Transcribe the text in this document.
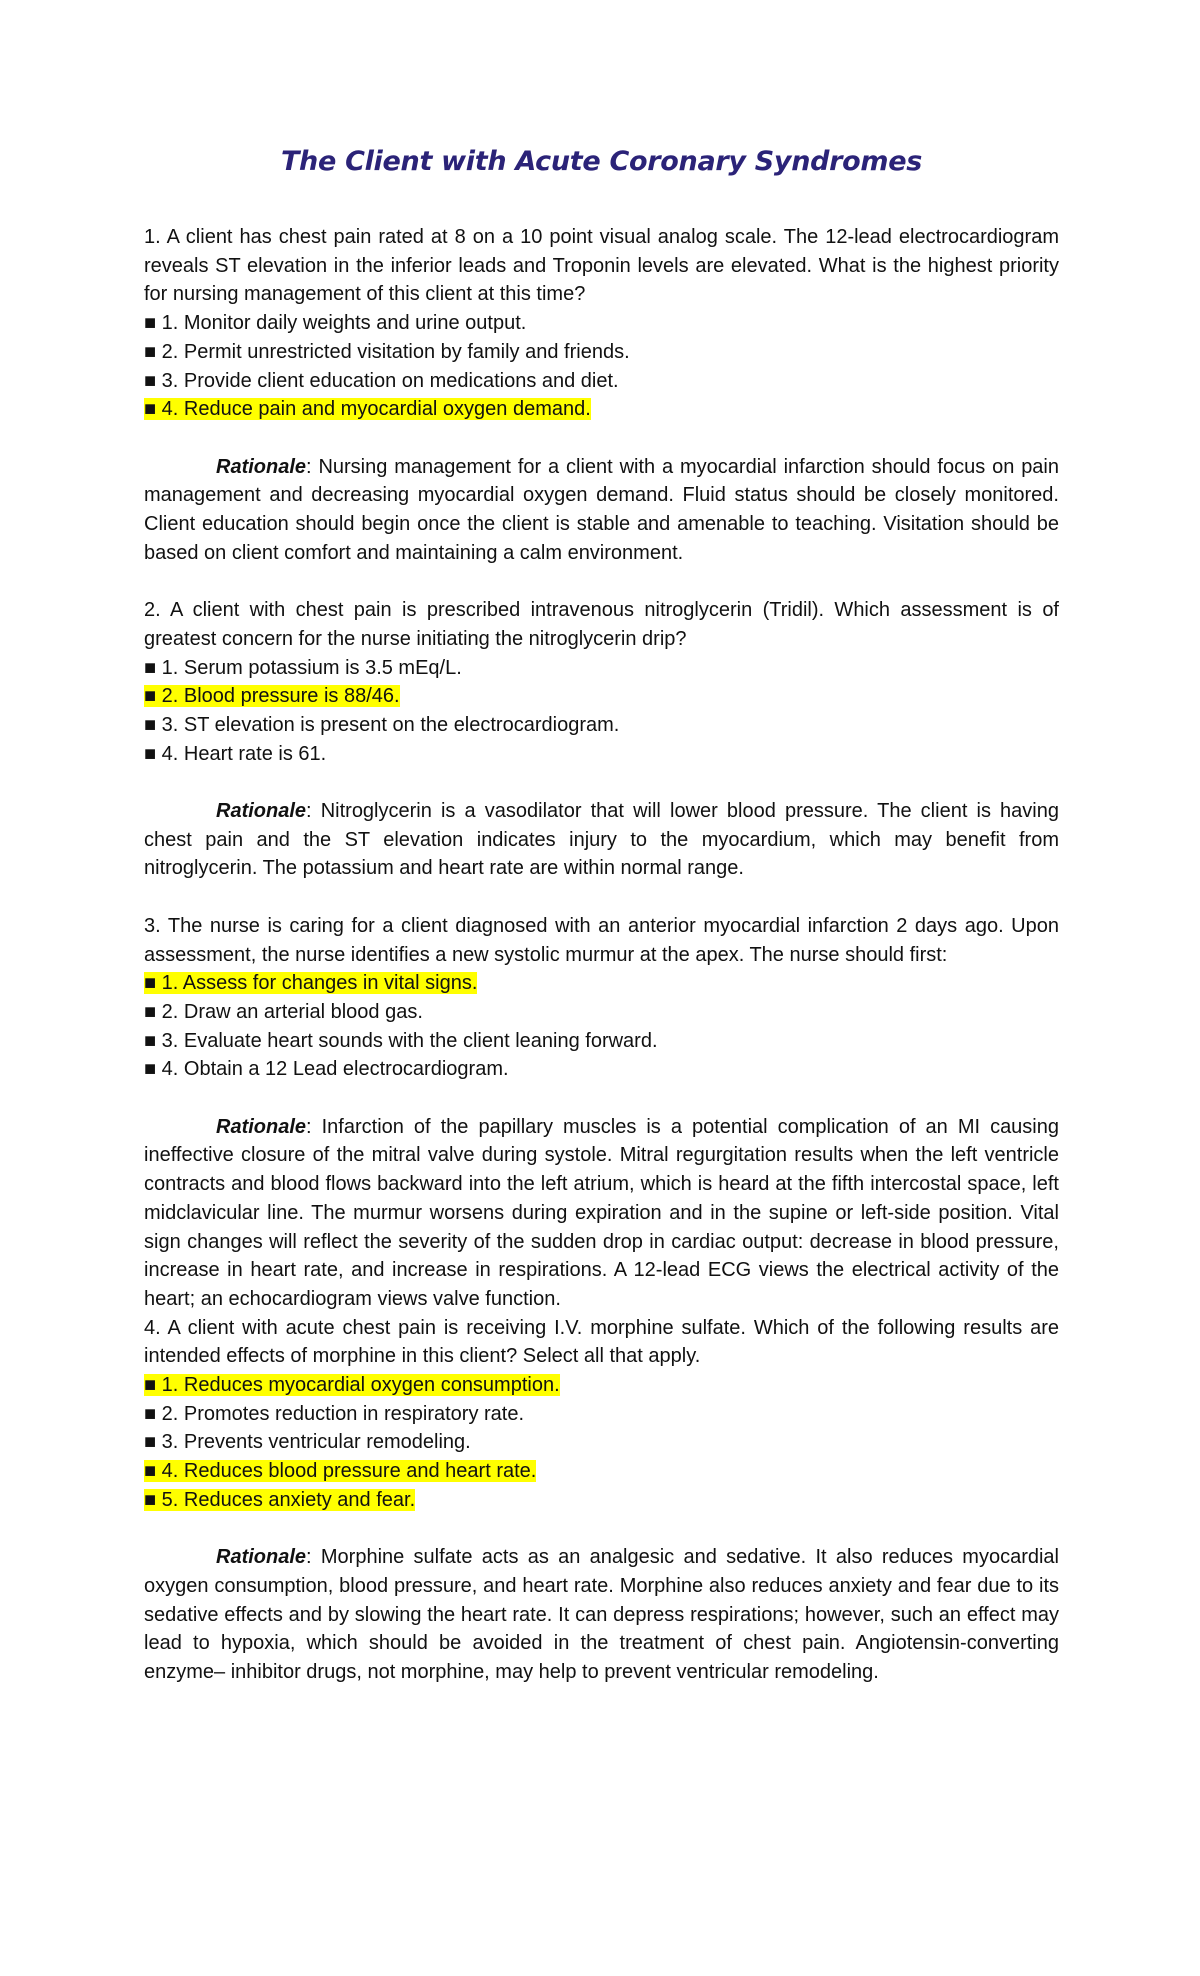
The Client with Acute Coronary Syndromes

1. A client has chest pain rated at 8 on a 10 point visual analog scale. The 12-lead electrocardiogram reveals ST elevation in the inferior leads and Troponin levels are elevated. What is the highest priority for nursing management of this client at this time?

■ 1. Monitor daily weights and urine output.

■ 2. Permit unrestricted visitation by family and friends.

■ 3. Provide client education on medications and diet.

■ 4. Reduce pain and myocardial oxygen demand.

Rationale: Nursing management for a client with a myocardial infarction should focus on pain management and decreasing myocardial oxygen demand. Fluid status should be closely monitored. Client education should begin once the client is stable and amenable to teaching. Visitation should be based on client comfort and maintaining a calm environment.

2. A client with chest pain is prescribed intravenous nitroglycerin (Tridil). Which assessment is of greatest concern for the nurse initiating the nitroglycerin drip?

■ 1. Serum potassium is 3.5 mEq/L.

■ 2. Blood pressure is 88/46.

■ 3. ST elevation is present on the electrocardiogram.

■ 4. Heart rate is 61.

Rationale: Nitroglycerin is a vasodilator that will lower blood pressure. The client is having chest pain and the ST elevation indicates injury to the myocardium, which may benefit from nitroglycerin. The potassium and heart rate are within normal range.

3. The nurse is caring for a client diagnosed with an anterior myocardial infarction 2 days ago. Upon assessment, the nurse identifies a new systolic murmur at the apex. The nurse should first:

■ 1. Assess for changes in vital signs.

■ 2. Draw an arterial blood gas.

■ 3. Evaluate heart sounds with the client leaning forward.

■ 4. Obtain a 12 Lead electrocardiogram.

Rationale: Infarction of the papillary muscles is a potential complication of an MI causing ineffective closure of the mitral valve during systole. Mitral regurgitation results when the left ventricle contracts and blood flows backward into the left atrium, which is heard at the fifth intercostal space, left midclavicular line. The murmur worsens during expiration and in the supine or left-side position. Vital sign changes will reflect the severity of the sudden drop in cardiac output: decrease in blood pressure, increase in heart rate, and increase in respirations. A 12-lead ECG views the electrical activity of the heart; an echocardiogram views valve function.

4. A client with acute chest pain is receiving I.V. morphine sulfate. Which of the following results are intended effects of morphine in this client? Select all that apply.

■ 1. Reduces myocardial oxygen consumption.

■ 2. Promotes reduction in respiratory rate.

■ 3. Prevents ventricular remodeling.

■ 4. Reduces blood pressure and heart rate.

■ 5. Reduces anxiety and fear.

Rationale: Morphine sulfate acts as an analgesic and sedative. It also reduces myocardial oxygen consumption, blood pressure, and heart rate. Morphine also reduces anxiety and fear due to its sedative effects and by slowing the heart rate. It can depress respirations; however, such an effect may lead to hypoxia, which should be avoided in the treatment of chest pain. Angiotensin-converting enzyme– inhibitor drugs, not morphine, may help to prevent ventricular remodeling.
